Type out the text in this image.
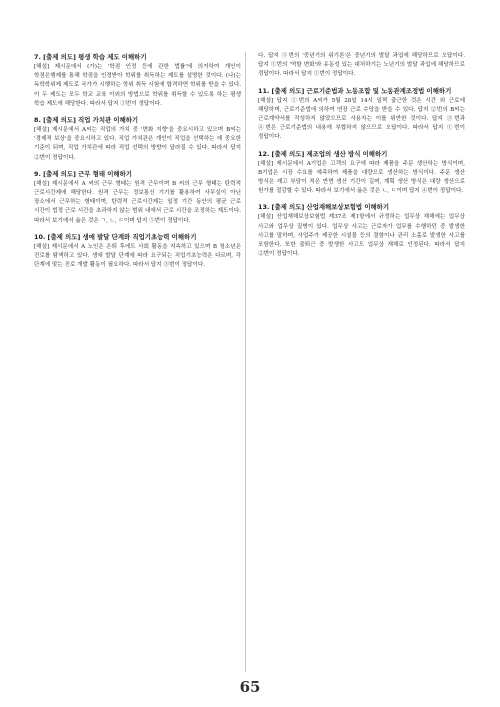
7. [출제 의도] 평생 학습 제도 이해하기

[해설] 제시문에서 (가)는 '학점 인정 등에 관한 법률'에 의거하여 개인이 학점은행제를 통해 학점을 인정받아 학위를 취득하는 제도를 설명한 것이다. (나)는 독학학위제 제도로 국가가 시행하는 학위 취득 시험에 합격하면 학위를 받을 수 있다. 이 두 제도는 모두 학교 교육 이외의 방법으로 학위를 취득할 수 있도록 하는 평생 학습 제도에 해당한다. 따라서 답지 ①번이 정답이다.

8. [출제 의도] 직업 가치관 이해하기

[해설] 제시문에서 A씨는 직업의 가치 중 '변화 지향'을 중요시하고 있으며 B씨는 '경제적 보상'을 중요시하고 있다. 직업 가치관은 개인이 직업을 선택하는 데 중요한 기준이 되며, 직업 가치관에 따라 직업 선택의 방향이 달라질 수 있다. 따라서 답지 ②번이 정답이다.

9. [출제 의도] 근무 형태 이해하기

[해설] 제시문에서 A 씨의 근무 형태는 원격 근무이며 B 씨의 근무 형태는 탄력적 근로시간제에 해당한다. 원격 근무는 정보통신 기기를 활용하여 사무실이 아닌 장소에서 근무하는 형태이며, 탄력적 근로시간제는 일정 기간 동안의 평균 근로 시간이 법정 근로 시간을 초과하지 않는 범위 내에서 근로 시간을 조정하는 제도이다. 따라서 보기에서 옳은 것은 ㄱ, ㄴ, ㄷ이며 답지 ⑤번이 정답이다.

10. [출제 의도] 생애 발달 단계와 직업기초능력 이해하기

[해설] 제시문에서 A 노인은 은퇴 후에도 사회 활동을 지속하고 있으며 B 청소년은 진로를 탐색하고 있다. 생애 발달 단계에 따라 요구되는 직업기초능력은 다르며, 각 단계에 맞는 진로 개발 활동이 필요하다. 따라서 답지 ③번이 정답이다.

다. 답지 ⑤번의 '중년기의 위기론'은 중년기의 발달 과업에 해당하므로 오답이다. 답지 ①번의 '역할 변화'와 유동성 있는 대처하기는 노년기의 발달 과업에 해당하므로 정답이다. 따라서 답지 ①번이 정답이다.

11. [출제 의도] 근로기준법과 노동조합 및 노동관계조정법 이해하기

[해설] 답지 ①번의 A씨가 5월 28일 14시 일찍 출근한 것은 시간 외 근로에 해당하며, 근로기준법에 의하여 연장 근로 수당을 받을 수 있다. 답지 ②번의 B씨는 근로계약서를 작성하지 않았으므로 사용자는 이를 위반한 것이다. 답지 ③번과 ④번은 근로기준법의 내용에 부합하지 않으므로 오답이다. 따라서 답지 ①번이 정답이다.

12. [출제 의도] 제조업의 생산 방식 이해하기

[해설] 제시문에서 A기업은 고객의 요구에 따라 제품을 주문 생산하는 방식이며, B기업은 시장 수요를 예측하여 제품을 대량으로 생산하는 방식이다. 주문 생산 방식은 재고 부담이 적은 반면 생산 기간이 길며, 계획 생산 방식은 대량 생산으로 원가를 절감할 수 있다. 따라서 보기에서 옳은 것은 ㄴ, ㄷ이며 답지 ④번이 정답이다.

13. [출제 의도] 산업재해보상보험법 이해하기

[해설] 산업재해보상보험법 제37조 제1항에서 규정하는 업무상 재해에는 업무상 사고와 업무상 질병이 있다. 업무상 사고는 근로자가 업무를 수행하던 중 발생한 사고를 말하며, 사업주가 제공한 시설물 등의 결함이나 관리 소홀로 발생한 사고를 포함한다. 또한 출퇴근 중 발생한 사고도 업무상 재해로 인정된다. 따라서 답지 ②번이 정답이다.

65
